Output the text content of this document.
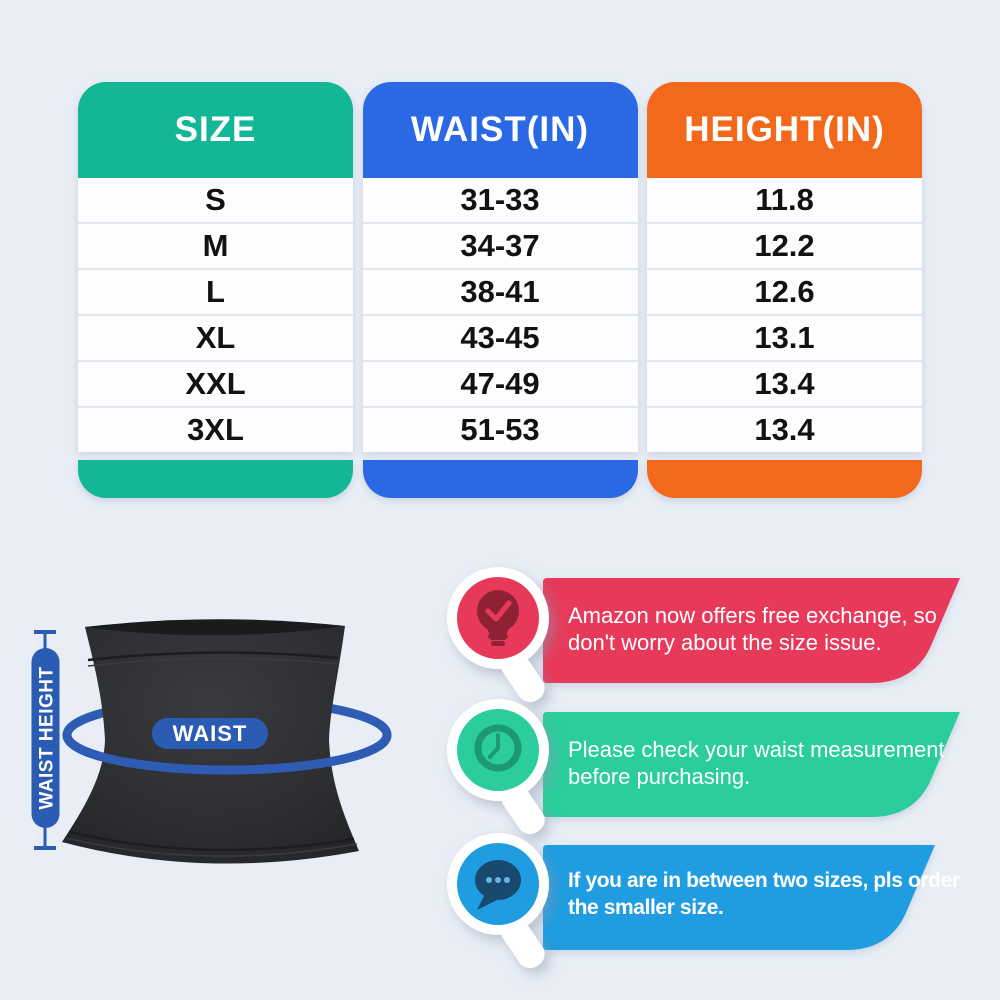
SIZE
S
M
L
XL
XXL
3XL
WAIST(IN)
31-33
34-37
38-41
43-45
47-49
51-53
HEIGHT(IN)
11.8
12.2
12.6
13.1
13.4
13.4
WAIST HEIGHT	WAIST
Amazon now offers free exchange, so
don't worry about the size issue.
Please check your waist measurement
before purchasing.
If you are in between two sizes, pls order
the smaller size.
